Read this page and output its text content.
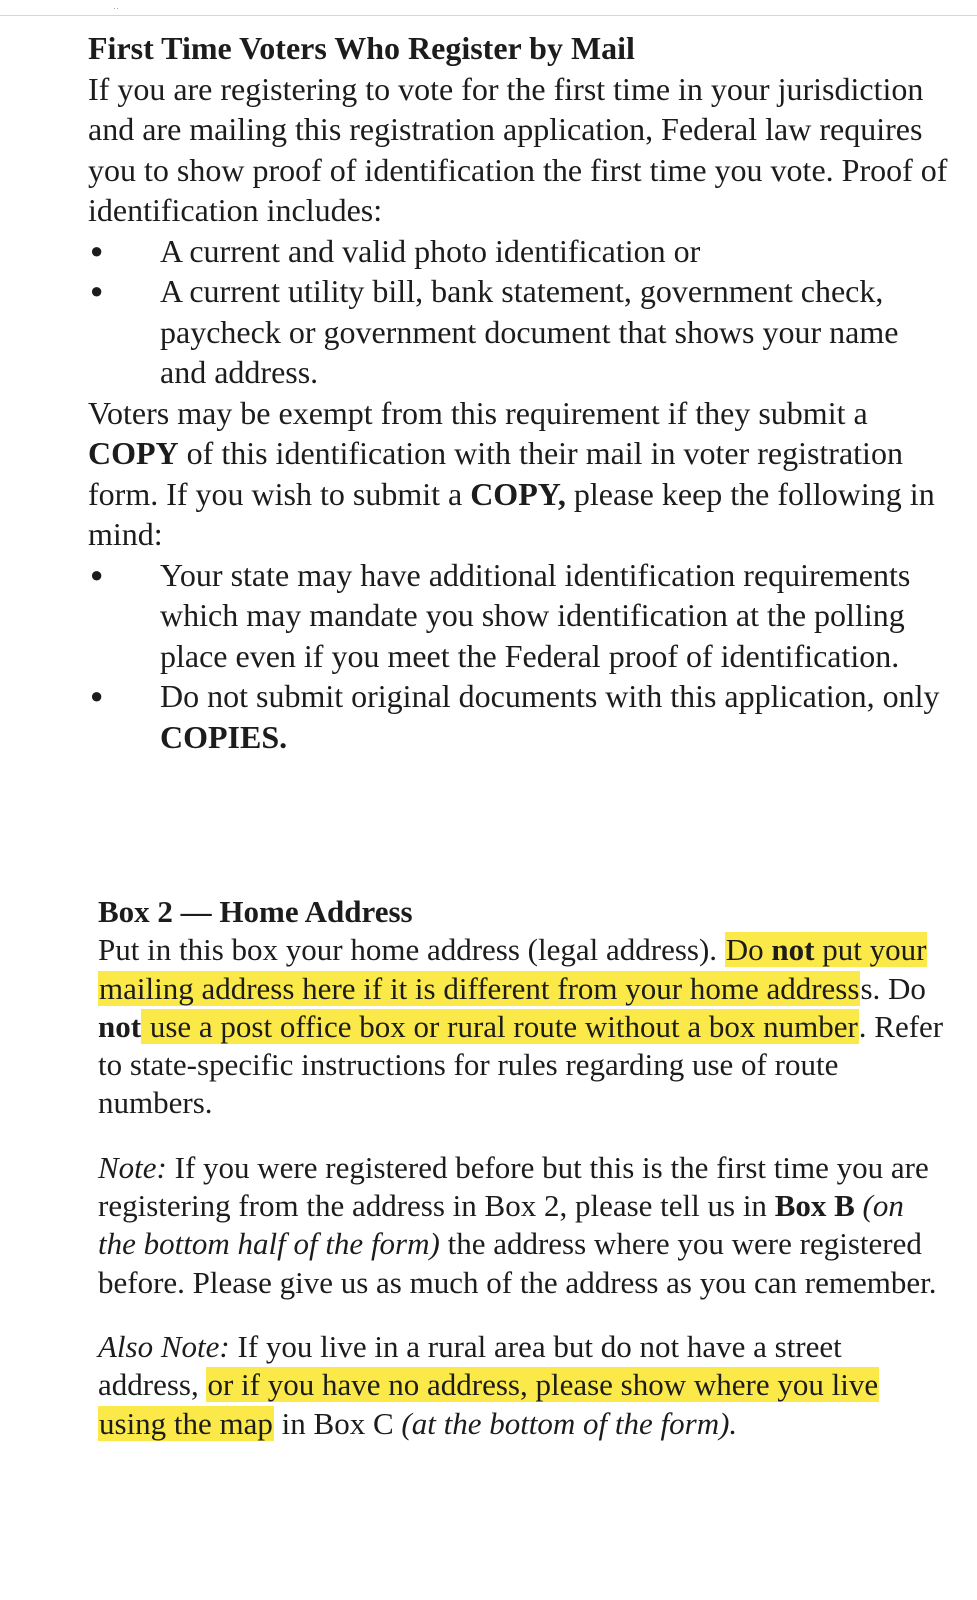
··
First Time Voters Who Register by Mail
If you are registering to vote for the first time in your jurisdiction and are mailing this registration application, Federal law requires you to show proof of identification the first time you vote. Proof of identification includes:
● A current and valid photo identification or
● A current utility bill, bank statement, government check, paycheck or government document that shows your name and address.
Voters may be exempt from this requirement if they submit a COPY of this identification with their mail in voter registration form. If you wish to submit a COPY, please keep the following in mind:
● Your state may have additional identification requirements which may mandate you show identification at the polling place even if you meet the Federal proof of identification.
● Do not submit original documents with this application, only COPIES.
Box 2 — Home Address
Put in this box your home address (legal address). Do not put your mailing address here if it is different from your home addresss. Do not use a post office box or rural route without a box number. Refer to state-specific instructions for rules regarding use of route numbers.
Note: If you were registered before but this is the first time you are registering from the address in Box 2, please tell us in Box B (on the bottom half of the form) the address where you were registered before. Please give us as much of the address as you can remember.
Also Note: If you live in a rural area but do not have a street address, or if you have no address, please show where you live using the map in Box C (at the bottom of the form).
